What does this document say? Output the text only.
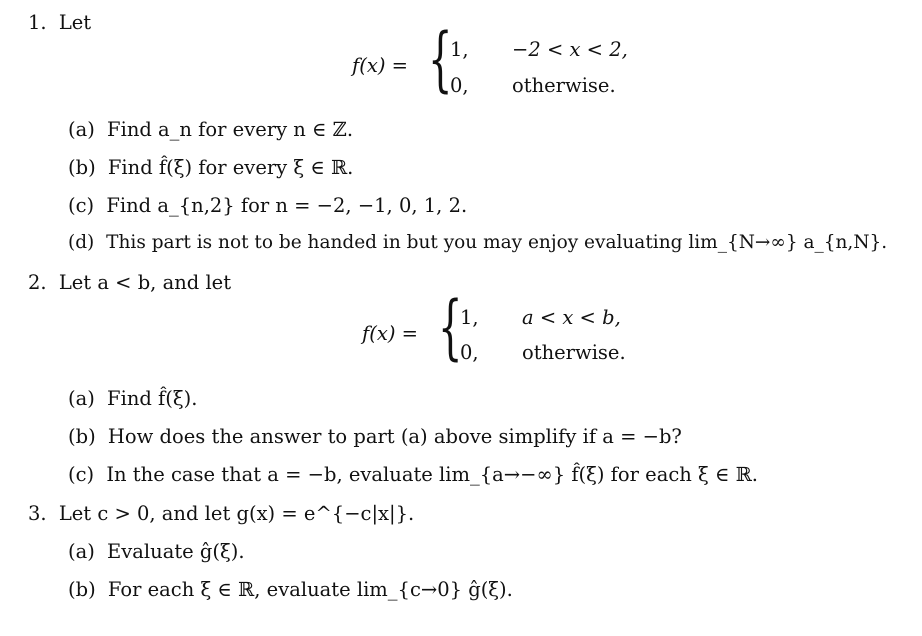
1. Let
f(x) = {
1, −2 < x < 2,
0, otherwise.
(a) Find a_n for every n ∈ ℤ.
(b) Find f̂(ξ) for every ξ ∈ ℝ.
(c) Find a_{n,2} for n = −2, −1, 0, 1, 2.
(d) This part is not to be handed in but you may enjoy evaluating lim_{N→∞} a_{n,N}.
2. Let a < b, and let
f(x) = {
1, a < x < b,
0, otherwise.
(a) Find f̂(ξ).
(b) How does the answer to part (a) above simplify if a = −b?
(c) In the case that a = −b, evaluate lim_{a→−∞} f̂(ξ) for each ξ ∈ ℝ.
3. Let c > 0, and let g(x) = e^{−c|x|}.
(a) Evaluate ĝ(ξ).
(b) For each ξ ∈ ℝ, evaluate lim_{c→0} ĝ(ξ).
